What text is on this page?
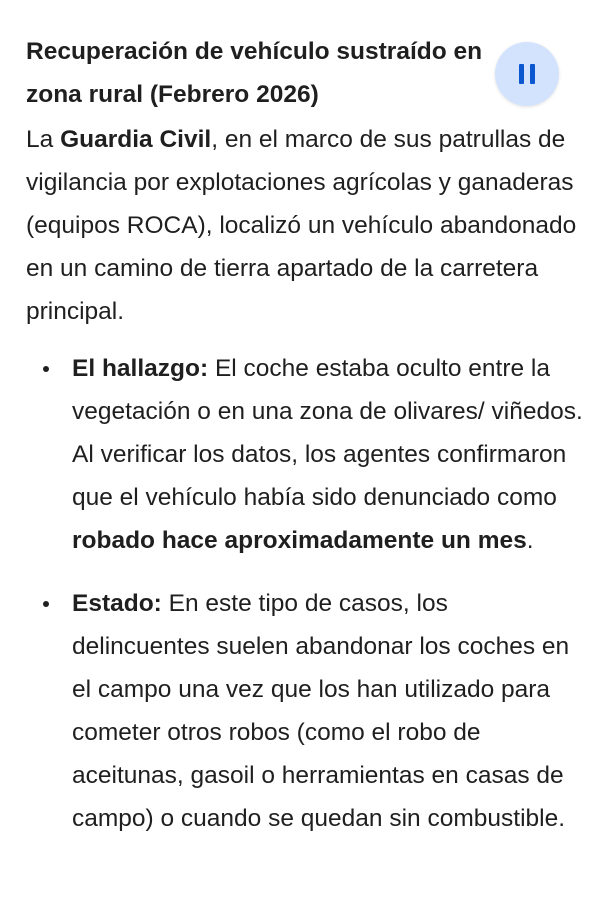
Recuperación de vehículo sustraído en zona rural (Febrero 2026)

La Guardia Civil, en el marco de sus patrullas de vigilancia por explotaciones agrícolas y ganaderas (equipos ROCA), localizó un vehículo abandonado en un camino de tierra apartado de la carretera principal.

El hallazgo: El coche estaba oculto entre la vegetación o en una zona de olivares/ viñedos. Al verificar los datos, los agentes confirmaron que el vehículo había sido denunciado como robado hace aproximadamente un mes.
Estado: En este tipo de casos, los delincuentes suelen abandonar los coches en el campo una vez que los han utilizado para cometer otros robos (como el robo de aceitunas, gasoil o herramientas en casas de campo) o cuando se quedan sin combustible.
